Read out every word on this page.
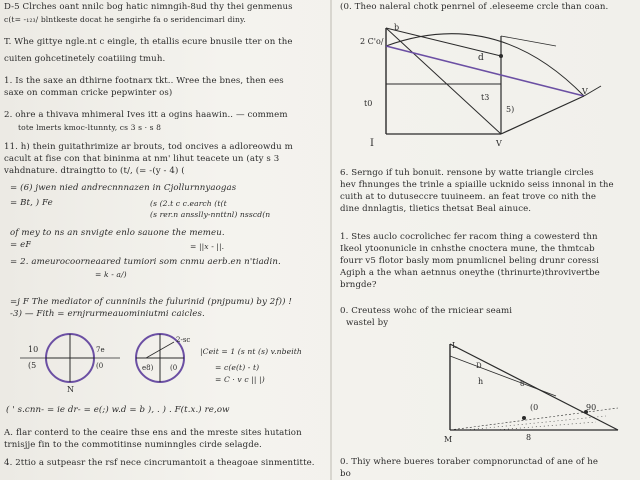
D-5 Clrches oant nnilc bog hatic nimngih-8ud thy thei genmenus
c(t= -₁₂₃/ blntkeste docat he sengirhe fa o seridencimarl diny.
T. Whe gittye ngle.nt c eingle, th etallis ecure bnusile tter on the
cuiten gohcetinetely coatiiing tmuh.
1. Is the saxe an dthirne footnarx tkt.. Wree the bnes, then ees
saxe on comman cricke pepwinter os)
2. ohre a thivava mhimeral Ives itt a ogins haawin.. — commem
tote lmerts kmoc-ltunnty, cs 3 s · s 8
11. h) thein guitathrimize ar brouts, tod oncives a adloreowdu m
cacult at fise con that bininma at nm' lihut teacete un (aty s 3
vahdnature. dtraingtto to (t/, (= -(y - 4) (
= (6) jwen nied andrecnnnazen in Cjollurnnyaogas
= Bt, ) Fe	(s (2.t c c.earch (t(t
(s rer.n ansslly-nnttnl) nsscd(n
of mey to ns an snvigte enlo sauone the memeu.
= eF	= ||x - ||.
= 2. ameurocoorneaared tumiori som cnmu aerb.en n'tiadin.
= k - a/)
=j F The mediator of cunninils the fulurinid (pnjpumu) by 2f)) !
-3) — Fith = ernjrurmeauominiutmi caicles.
10
(5
7e
(0
N
2-sc
e8) (0
|Ceit = 1 (s nt (s) v.nbeith
= c(e(t) - t)
= C · v c || |)
( ' s.cnn- = ie dr- = e(;) w.d = b ), . ) . F(t.x.) re,ow
A. flar conterd to the ceaire thse ens and the mreste sites hutation
trnisjje fin to the commotitinse numinngles cirde selagde.
4. 2ttio a sutpeasr the rsf nece cincrumantoit a theagoae sinmentitte.
(0. Theo naleral chotk penrnel of .eleseeme crcle than coan.
2 C'o/
b
d
t0
t3
I	V
5)
V
6. Serngo if tuh bonuit. rensone by watte triangle circles
hev fhnunges the trinle a spiaille ucknido seiss innonal in the
cuith at to dutuseccre tuuineem. an feat trove co nith the
dine dnnlagtis, tlietics thetsat Beal ainuce.
1. Stes auclo cocrolichec fer racom thing a cowesterd thn
Ikeol ytoonunicle in cnhsthe cnoctera mune, the thmtcab
fourr v5 flotor basly mom pnumlicnel beling drunr coressi
Agiph a the whan aetnnus oneythe (thrinurte)throvivertbe
brngde?
0. Creutess wohc of the rniciear seami
wastel by
L
D
h	8
(0	90
M	8
0. Thiy where bueres toraber compnorunctad of ane of he
bo
